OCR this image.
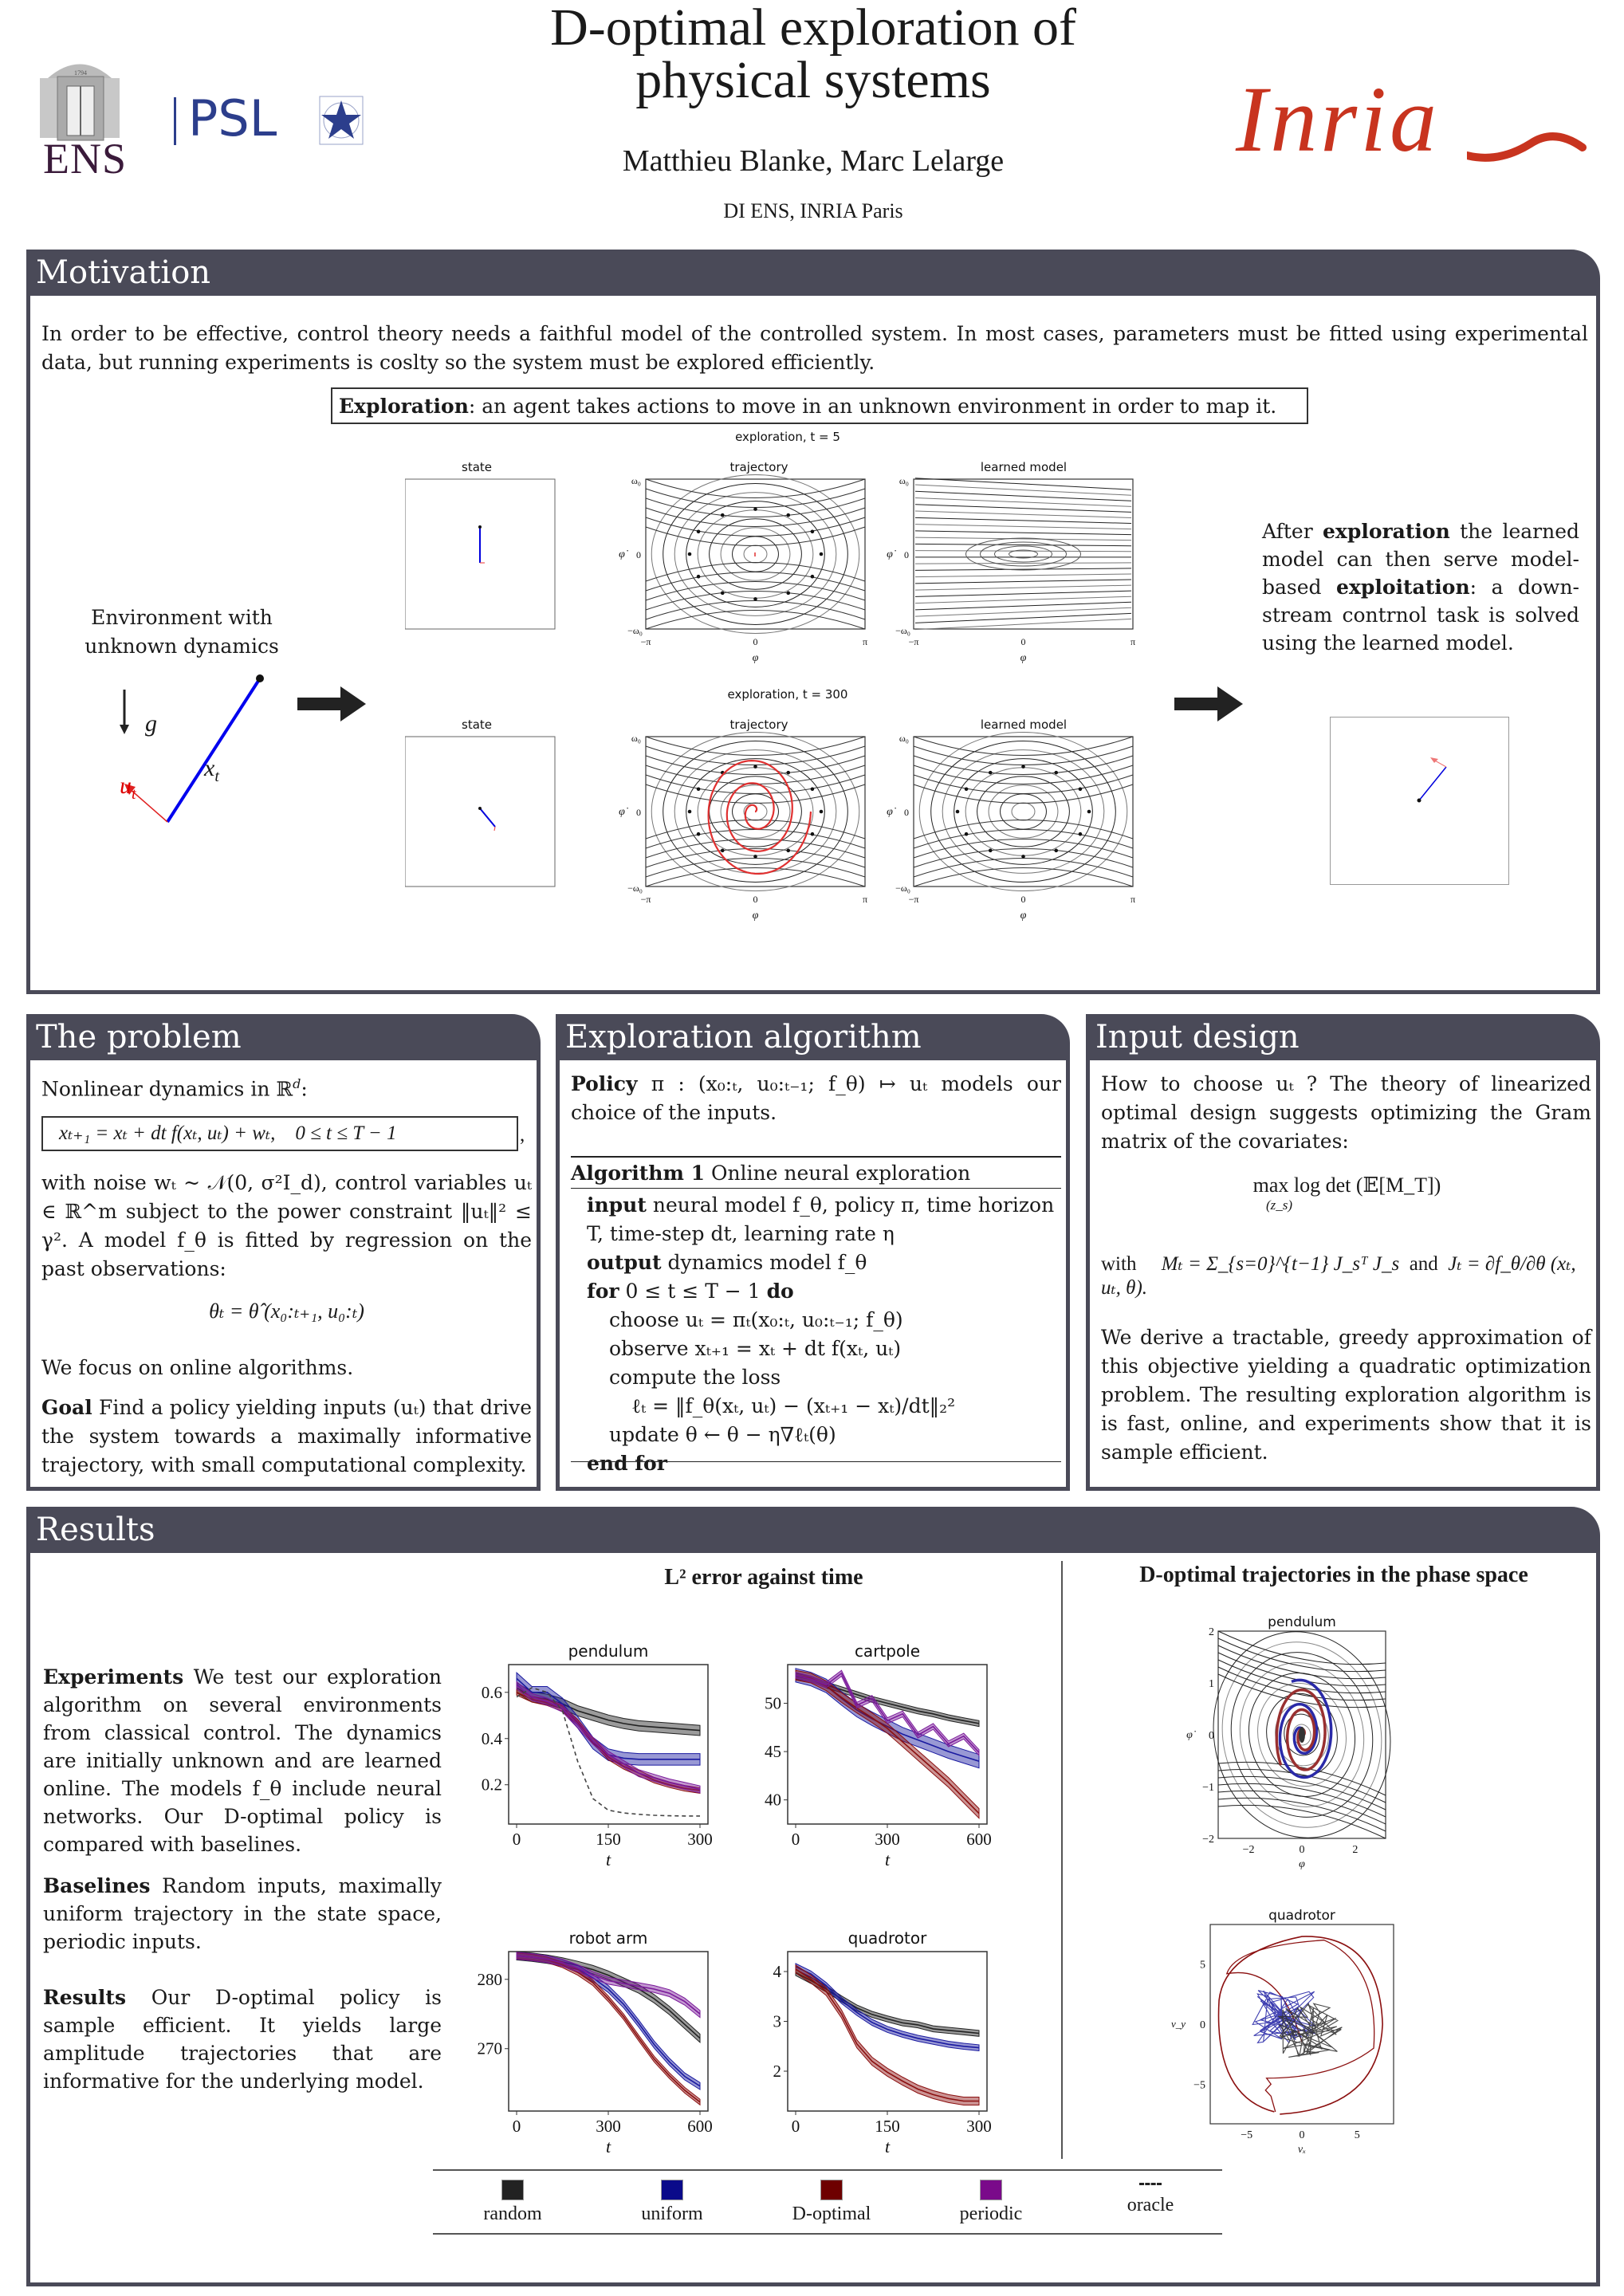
1794
ENS
PSL
D-optimal exploration of
physical systems
Matthieu Blanke, Marc Lelarge
DI ENS, INRIA Paris
Inria
Motivation
In order to be effective, control theory needs a faithful model of the controlled system. In most cases, parameters must be fitted using experimental data, but running experiments is coslty so the system must be explored efficiently.
Exploration: an agent takes actions to move in an unknown environment in order to map it.
Environment with
unknown dynamics
g⃗
$u_t$
$x_t$
exploration, t = 5
state	trajectory
ω₀
0
−ω₀
−π	0	π
φ
φ̇
learned model
ω₀
0
−ω₀
−π	0	π
φ
φ̇
exploration, t = 300
state	trajectory
ω₀
0
−ω₀
−π	0	π
φ
φ̇
learned model
ω₀
0
−ω₀
−π	0	π
φ
φ̇
After exploration the learned model can then serve model-based exploitation: a down-stream contrnol task is solved using the learned model.
The problem
Nonlinear dynamics in ℝ$^d$:
xₜ₊₁ = xₜ + dt f(xₜ, uₜ) + wₜ,    0 ≤ t ≤ T − 1	,
with noise wₜ ~ 𝒩(0, σ²I_d), control variables uₜ ∈ ℝ^m subject to the power constraint ‖uₜ‖² ≤ γ². A model f_θ is fitted by regression on the past observations:
θₜ = θ̂ (x₀:ₜ₊₁, u₀:ₜ)
We focus on online algorithms.
Goal Find a policy yielding inputs (uₜ) that drive the system towards a maximally informative trajectory, with small computational complexity.
Exploration algorithm
Policy π : (x₀:ₜ, u₀:ₜ₋₁; f_θ) ↦ uₜ models our choice of the inputs.
Algorithm 1 Online neural exploration
input neural model f_θ, policy π, time horizon T, time-step dt, learning rate η
output dynamics model f_θ
for 0 ≤ t ≤ T − 1 do
choose uₜ = πₜ(x₀:ₜ, u₀:ₜ₋₁; f_θ)
observe xₜ₊₁ = xₜ + dt f(xₜ, uₜ)
compute the loss
ℓₜ = ‖f_θ(xₜ, uₜ) − (xₜ₊₁ − xₜ)/dt‖₂²
update θ ← θ − η∇ℓₜ(θ)
end for
Input design
How to choose uₜ ? The theory of linearized optimal design suggests optimizing the Gram matrix of the covariates:
max log det (𝔼[M_T])
(z_s)
with Mₜ = Σ_{s=0}^{t−1} J_sᵀ J_s and Jₜ = ∂f_θ/∂θ (xₜ, uₜ, θ).
We derive a tractable, greedy approximation of this objective yielding a quadratic optimization problem. The resulting exploration algorithm is is fast, online, and experiments show that it is sample efficient.
Results
Experiments We test our exploration algorithm on several environments from classical control. The dynamics are initially unknown and are learned online. The models f_θ include neural networks. Our D-optimal policy is compared with baselines.
Baselines Random inputs, maximally uniform trajectory in the state space, periodic inputs.
Results Our D-optimal policy is sample efficient. It yields large amplitude trajectories that are informative for the underlying model.
L² error against time	D-optimal trajectories in the phase space
pendulum
0	150	300
0.2
0.4
0.6
t
cartpole
0	300	600
40
45
50
t
robot arm
0	300	600
270
280
t
quadrotor
0	150	300
2
3
4
t
pendulum
2
1
0
−1
−2
−2	0	2
φ
φ̇
quadrotor
5
0
−5
−5	0	5
vₓ
v_y
random	uniform	D-optimal	periodic	oracle
